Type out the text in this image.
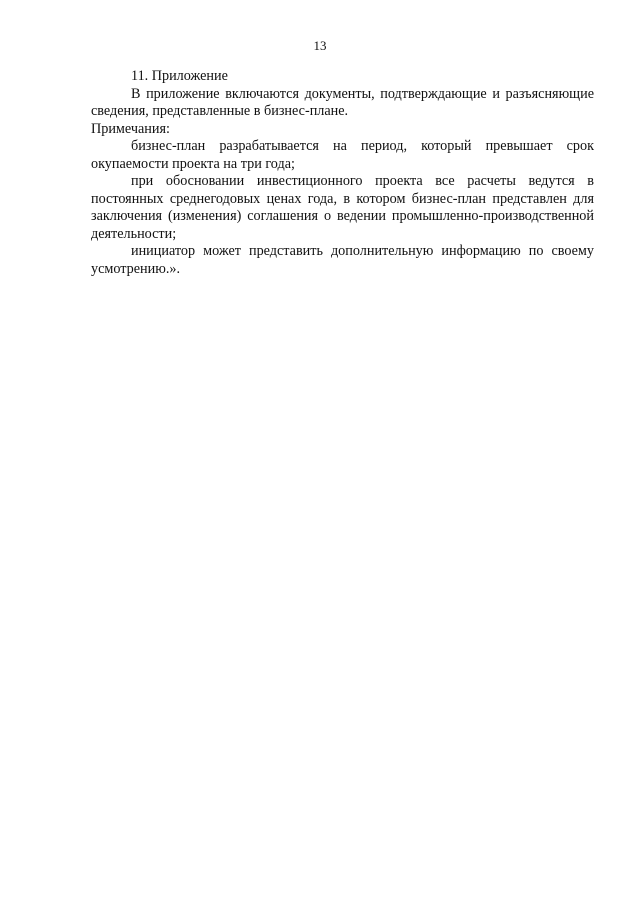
13

11. Приложение

В приложение включаются документы, подтверждающие и разъясняющие сведения, представленные в бизнес-плане.

Примечания:

бизнес-план разрабатывается на период, который превышает срок окупаемости проекта на три года;

при обосновании инвестиционного проекта все расчеты ведутся в постоянных среднегодовых ценах года, в котором бизнес-план представлен для заключения (изменения) соглашения о ведении промышленно-производственной деятельности;

инициатор может представить дополнительную информацию по своему усмотрению.».
